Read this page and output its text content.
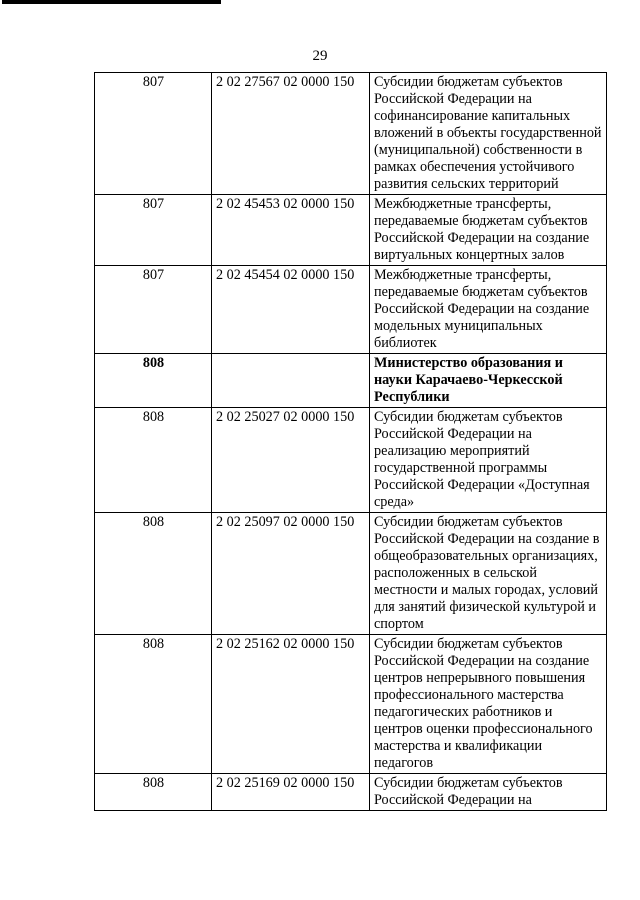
29
807	2 02 27567 02 0000 150	Субсидии бюджетам субъектов Российской Федерации на софинансирование капитальных вложений в объекты государственной (муниципальной) собственности в рамках обеспечения устойчивого развития сельских территорий
807	2 02 45453 02 0000 150	Межбюджетные трансферты, передаваемые бюджетам субъектов Российской Федерации на создание виртуальных концертных залов
807	2 02 45454 02 0000 150	Межбюджетные трансферты, передаваемые бюджетам субъектов Российской Федерации на создание модельных муниципальных библиотек
808		Министерство образования и науки Карачаево-Черкесской Республики
808	2 02 25027 02 0000 150	Субсидии бюджетам субъектов Российской Федерации на реализацию мероприятий государственной программы Российской Федерации «Доступная среда»
808	2 02 25097 02 0000 150	Субсидии бюджетам субъектов Российской Федерации на создание в общеобразовательных организациях, расположенных в сельской местности и малых городах, условий для занятий физической культурой и спортом
808	2 02 25162 02 0000 150	Субсидии бюджетам субъектов Российской Федерации на создание центров непрерывного повышения профессионального мастерства педагогических работников и центров оценки профессионального мастерства и квалификации педагогов
808	2 02 25169 02 0000 150	Субсидии бюджетам субъектов Российской Федерации на
